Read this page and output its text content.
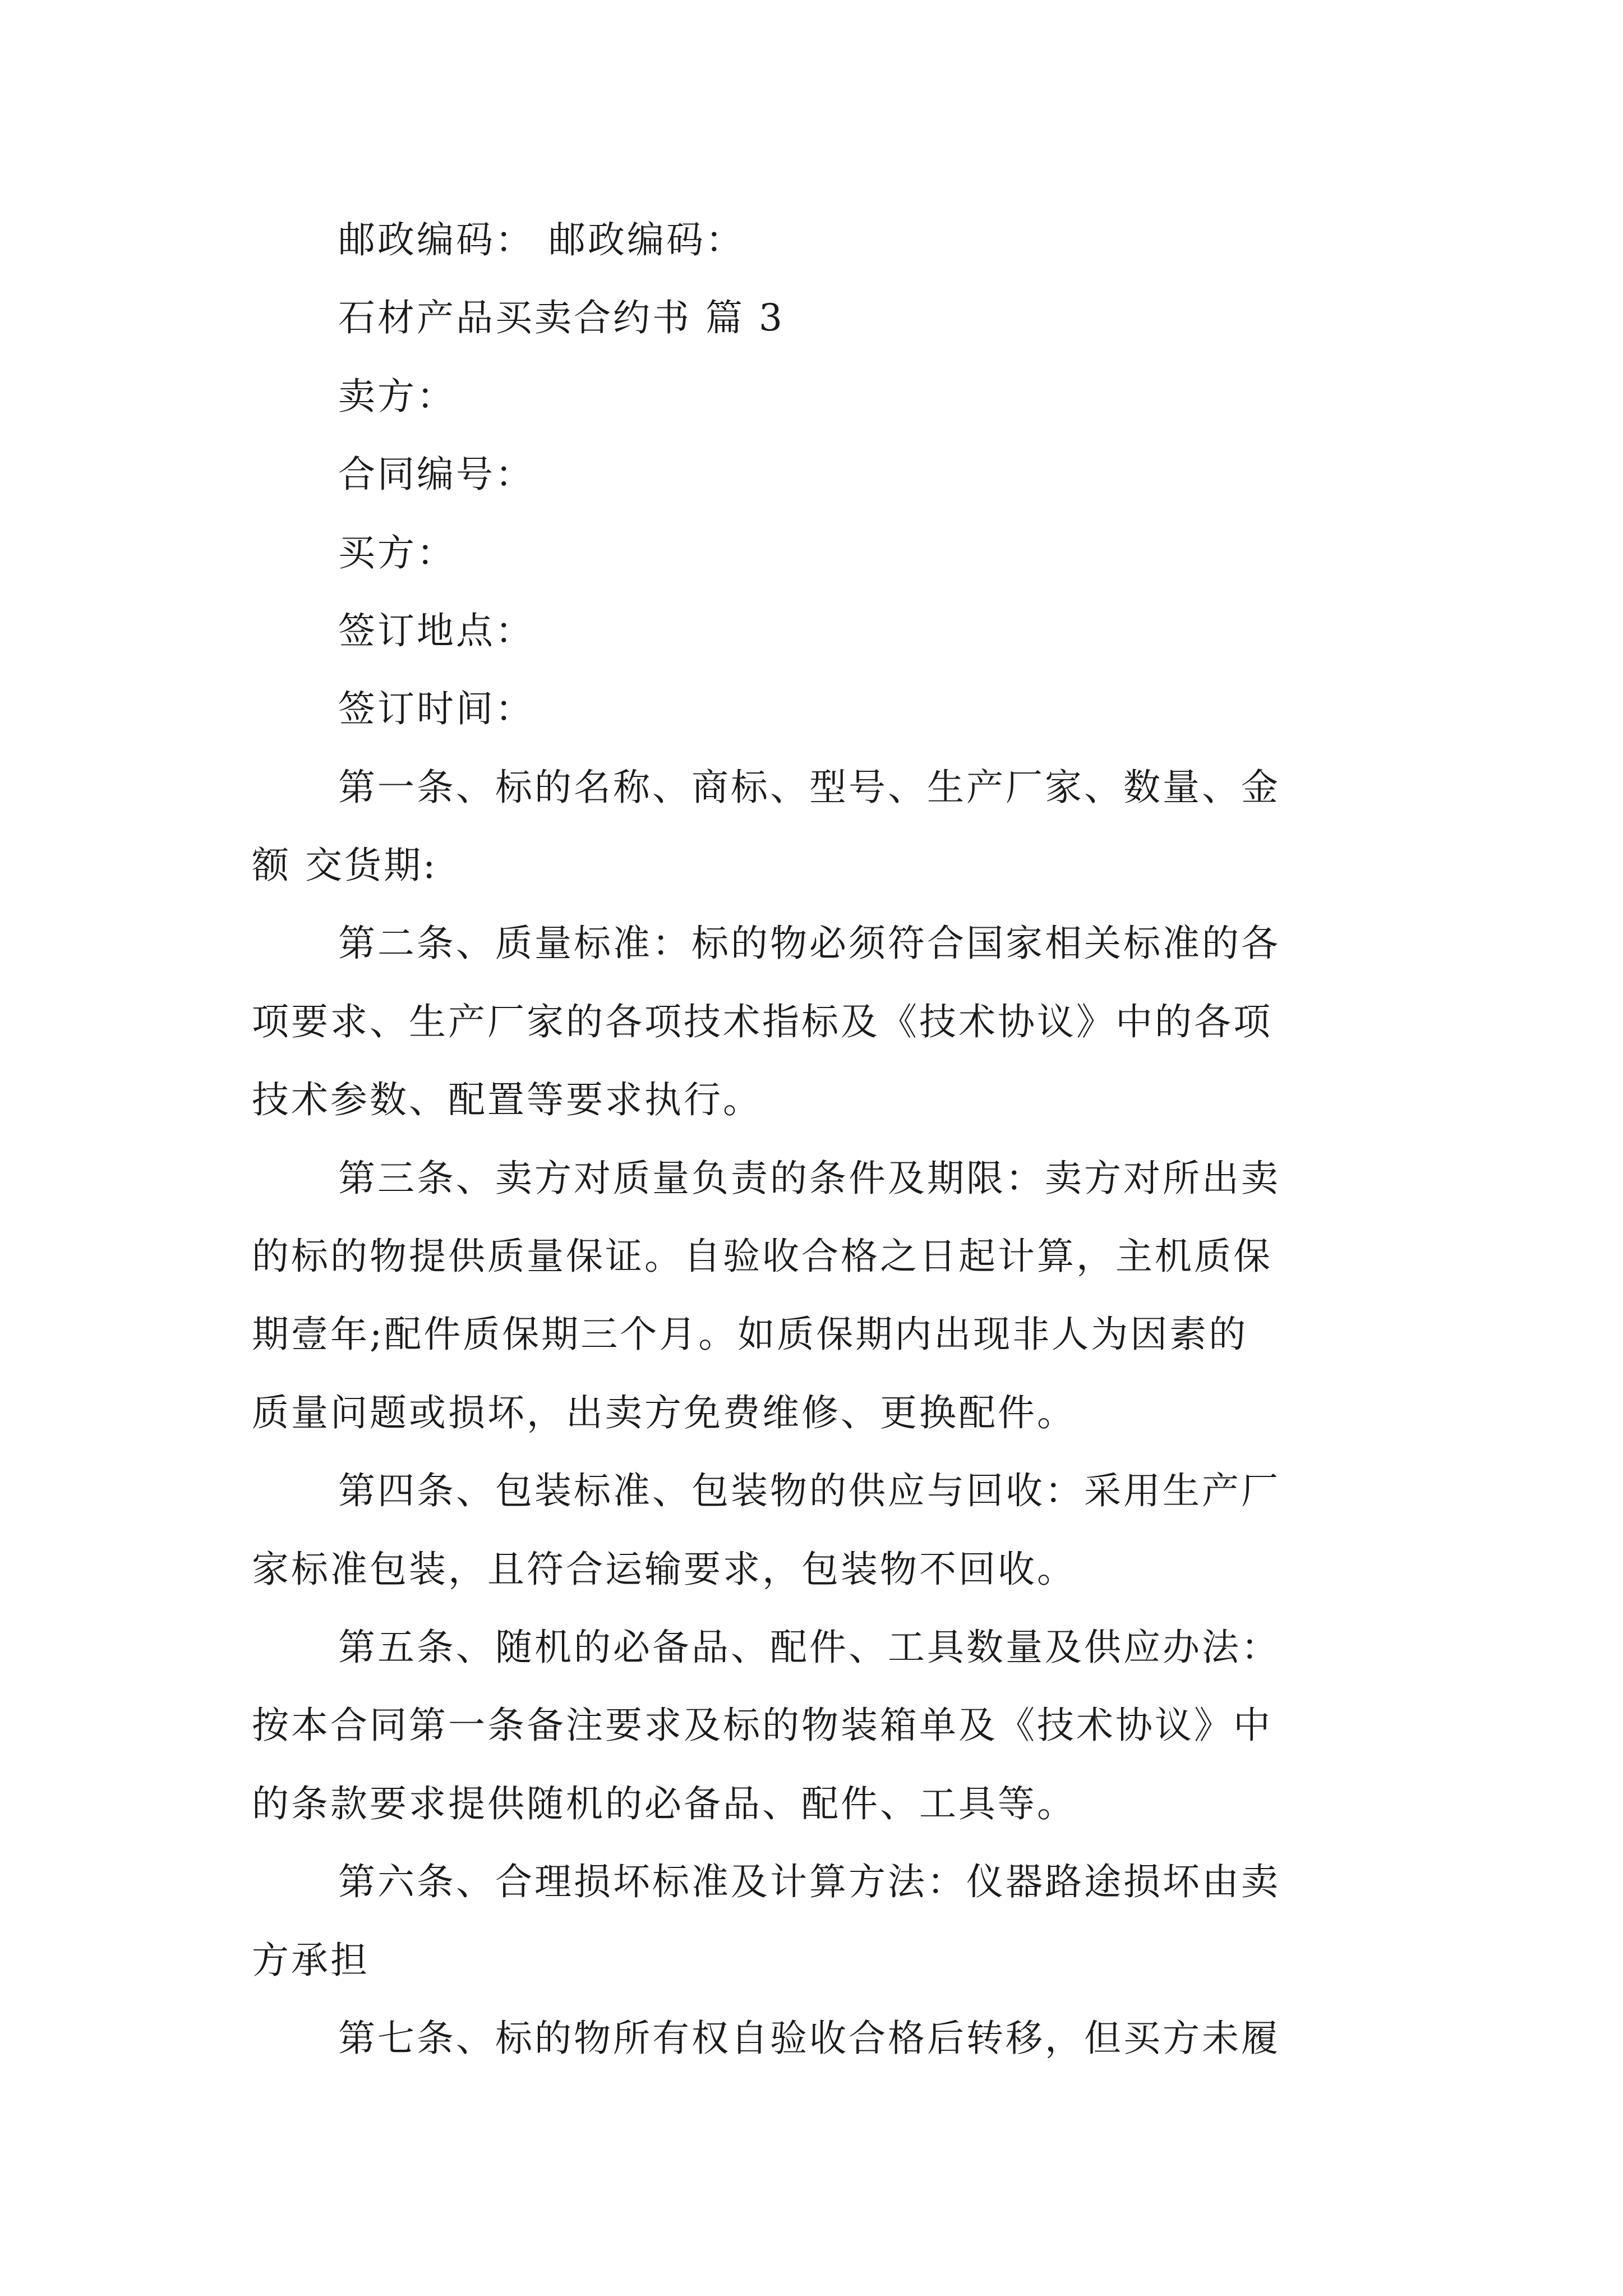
邮政编码： 邮政编码：
石材产品买卖合约书 篇 3
卖方：
合同编号：
买方：
签订地点：
签订时间：
第一条、标的名称、商标、型号、生产厂家、数量、金
额 交货期:
第二条、质量标准：标的物必须符合国家相关标准的各
项要求、生产厂家的各项技术指标及《技术协议》中的各项
技术参数、配置等要求执行。
第三条、卖方对质量负责的条件及期限：卖方对所出卖
的标的物提供质量保证。自验收合格之日起计算，主机质保
期壹年;配件质保期三个月。如质保期内出现非人为因素的
质量问题或损坏，出卖方免费维修、更换配件。
第四条、包装标准、包装物的供应与回收：采用生产厂
家标准包装，且符合运输要求，包装物不回收。
第五条、随机的必备品、配件、工具数量及供应办法：
按本合同第一条备注要求及标的物装箱单及《技术协议》中
的条款要求提供随机的必备品、配件、工具等。
第六条、合理损坏标准及计算方法：仪器路途损坏由卖
方承担
第七条、标的物所有权自验收合格后转移，但买方未履
